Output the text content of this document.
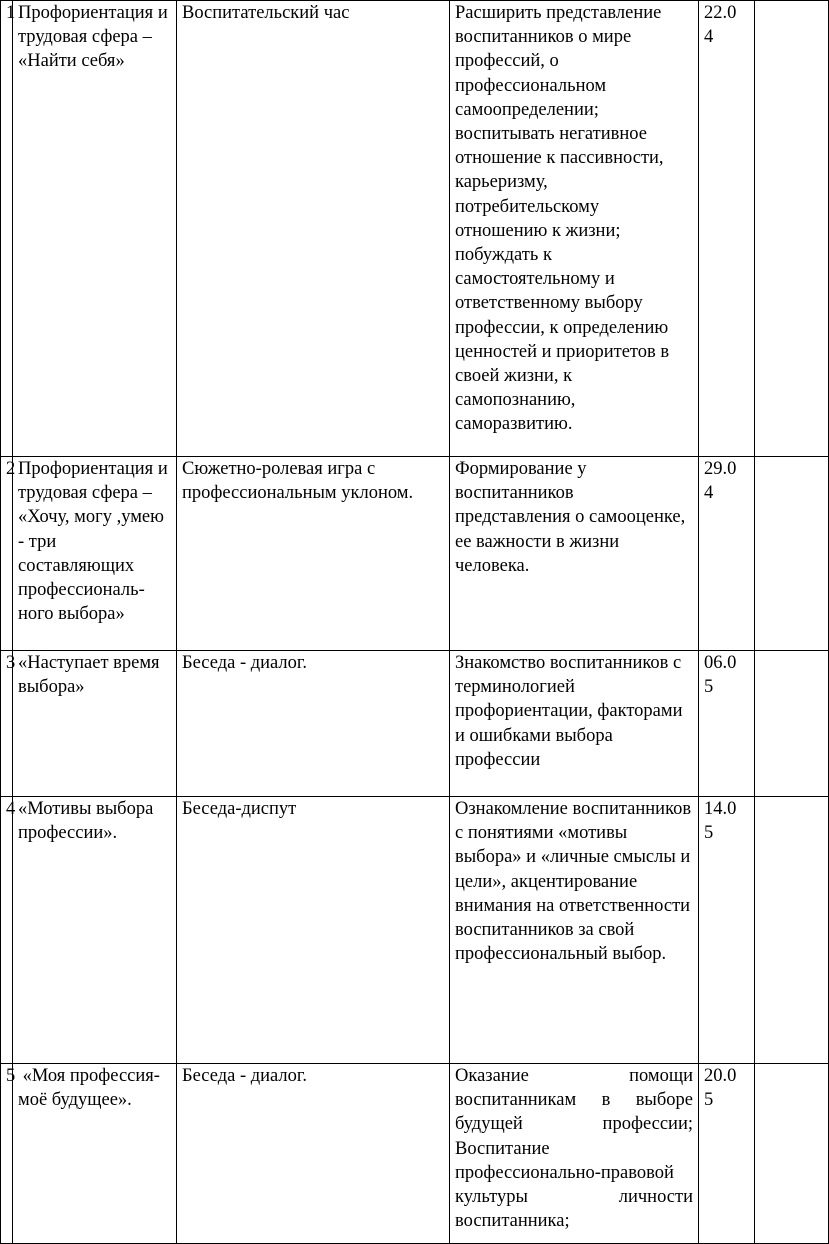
1	Профориентация и трудовая сфера – «Найти себя»	Воспитательский час	Расширить представление воспитанников о мире профессий, о профессиональном самоопределении; воспитывать негативное отношение к пассивности, карьеризму, потребительскому отношению к жизни; побуждать к самостоятельному и ответственному выбору профессии, к определению ценностей и приоритетов в своей жизни, к самопознанию, саморазвитию.	22.0 4	
2	Профориентация и трудовая сфера – «Хочу, могу ,умею - три составляющих профессионального выбора»	Сюжетно-ролевая игра с профессиональным уклоном.	Формирование у воспитанников представления о самооценке, ее важности в жизни человека.	29.0 4	
3	«Наступает время выбора»	Беседа - диалог.	Знакомство воспитанников с терминологией профориентации, факторами и ошибками выбора профессии	06.0 5	
4	«Мотивы выбора профессии».	Беседа-диспут	Ознакомление воспитанников с понятиями «мотивы выбора» и «личные смыслы и цели», акцентирование внимания на ответственности воспитанников за свой профессиональный выбор.	14.0 5	
5	«Моя профессия- моё будущее».	Беседа - диалог.	Оказание помощи воспитанникам в выборе будущей профессии; Воспитание профессионально-правовой культуры личности воспитанника;	20.0 5	
